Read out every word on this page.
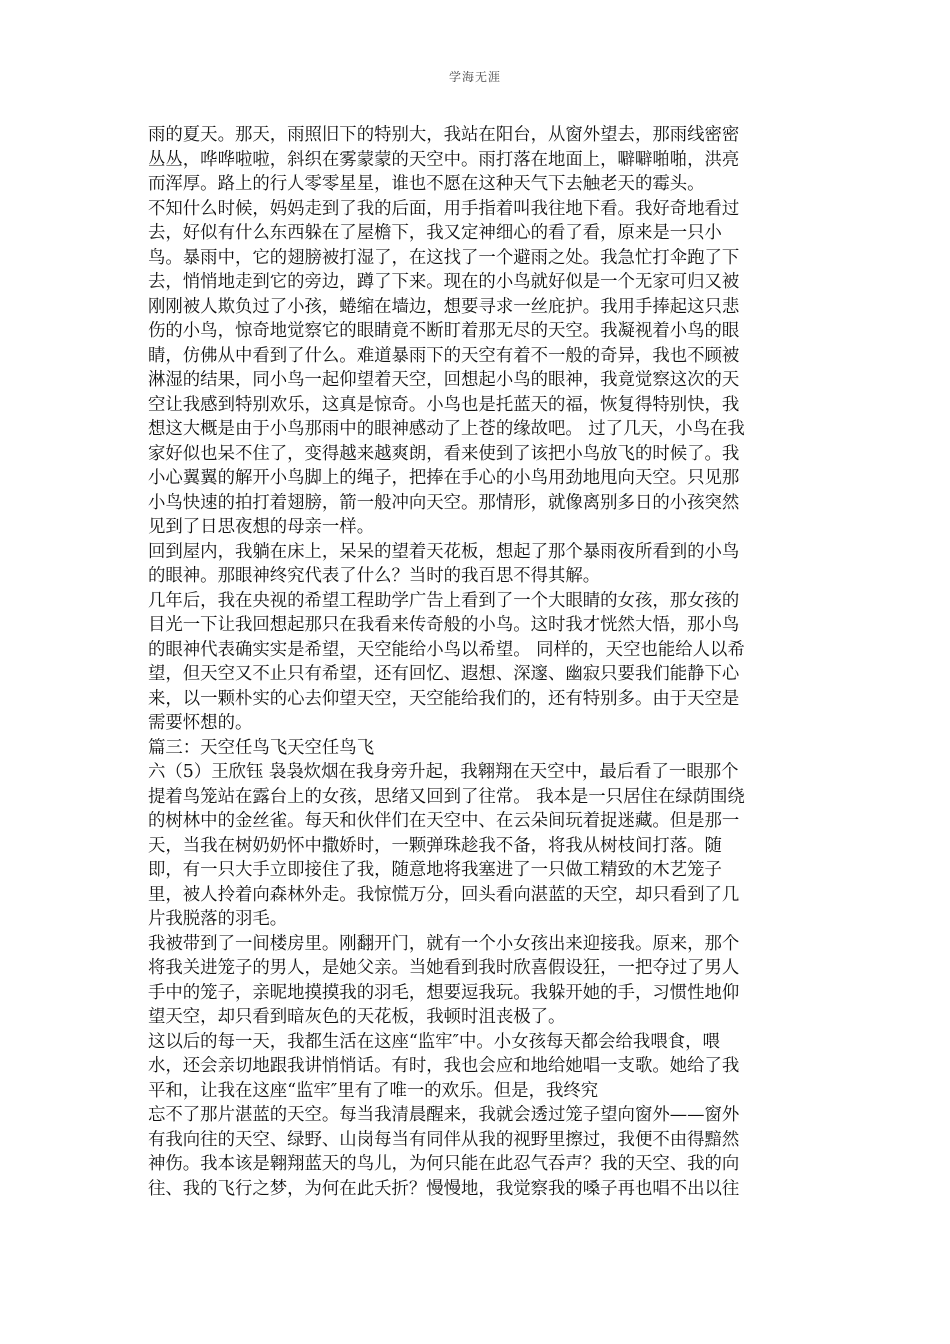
学海无涯
雨的夏天。那天，雨照旧下的特别大，我站在阳台，从窗外望去，那雨线密密
丛丛，哗哗啦啦，斜织在雾蒙蒙的天空中。雨打落在地面上，噼噼啪啪，洪亮
而浑厚。路上的行人零零星星，谁也不愿在这种天气下去触老天的霉头。
不知什么时候，妈妈走到了我的后面，用手指着叫我往地下看。我好奇地看过
去，好似有什么东西躲在了屋檐下，我又定神细心的看了看，原来是一只小
鸟。暴雨中，它的翅膀被打湿了，在这找了一个避雨之处。我急忙打伞跑了下
去，悄悄地走到它的旁边，蹲了下来。现在的小鸟就好似是一个无家可归又被
刚刚被人欺负过了小孩，蜷缩在墙边，想要寻求一丝庇护。我用手捧起这只悲
伤的小鸟，惊奇地觉察它的眼睛竟不断盯着那无尽的天空。我凝视着小鸟的眼
睛，仿佛从中看到了什么。难道暴雨下的天空有着不一般的奇异，我也不顾被
淋湿的结果，同小鸟一起仰望着天空，回想起小鸟的眼神，我竟觉察这次的天
空让我感到特别欢乐，这真是惊奇。小鸟也是托蓝天的福，恢复得特别快，我
想这大概是由于小鸟那雨中的眼神感动了上苍的缘故吧。 过了几天，小鸟在我
家好似也呆不住了，变得越来越爽朗，看来使到了该把小鸟放飞的时候了。我
小心翼翼的解开小鸟脚上的绳子，把捧在手心的小鸟用劲地甩向天空。只见那
小鸟快速的拍打着翅膀，箭一般冲向天空。那情形，就像离别多日的小孩突然
见到了日思夜想的母亲一样。
回到屋内，我躺在床上，呆呆的望着天花板，想起了那个暴雨夜所看到的小鸟
的眼神。那眼神终究代表了什么？当时的我百思不得其解。
几年后，我在央视的希望工程助学广告上看到了一个大眼睛的女孩，那女孩的
目光一下让我回想起那只在我看来传奇般的小鸟。这时我才恍然大悟，那小鸟
的眼神代表确实实是希望，天空能给小鸟以希望。 同样的，天空也能给人以希
望，但天空又不止只有希望，还有回忆、遐想、深邃、幽寂只要我们能静下心
来，以一颗朴实的心去仰望天空，天空能给我们的，还有特别多。由于天空是
需要怀想的。
篇三：天空任鸟飞天空任鸟飞
六（5）王欣钰 袅袅炊烟在我身旁升起，我翱翔在天空中，最后看了一眼那个
提着鸟笼站在露台上的女孩，思绪又回到了往常。 我本是一只居住在绿荫围绕
的树林中的金丝雀。每天和伙伴们在天空中、在云朵间玩着捉迷藏。但是那一
天，当我在树奶奶怀中撒娇时，一颗弹珠趁我不备，将我从树枝间打落。随
即，有一只大手立即接住了我，随意地将我塞进了一只做工精致的木艺笼子
里，被人拎着向森林外走。我惊慌万分，回头看向湛蓝的天空，却只看到了几
片我脱落的羽毛。
我被带到了一间楼房里。刚翻开门，就有一个小女孩出来迎接我。原来，那个
将我关进笼子的男人，是她父亲。当她看到我时欣喜假设狂，一把夺过了男人
手中的笼子，亲昵地摸摸我的羽毛，想要逗我玩。我躲开她的手，习惯性地仰
望天空，却只看到暗灰色的天花板，我顿时沮丧极了。
这以后的每一天，我都生活在这座“监牢″中。小女孩每天都会给我喂食，喂
水，还会亲切地跟我讲悄悄话。有时，我也会应和地给她唱一支歌。她给了我
平和，让我在这座“监牢″里有了唯一的欢乐。但是，我终究
忘不了那片湛蓝的天空。每当我清晨醒来，我就会透过笼子望向窗外——窗外
有我向往的天空、绿野、山岗每当有同伴从我的视野里擦过，我便不由得黯然
神伤。我本该是翱翔蓝天的鸟儿，为何只能在此忍气吞声？我的天空、我的向
往、我的飞行之梦，为何在此夭折？慢慢地，我觉察我的嗓子再也唱不出以往
